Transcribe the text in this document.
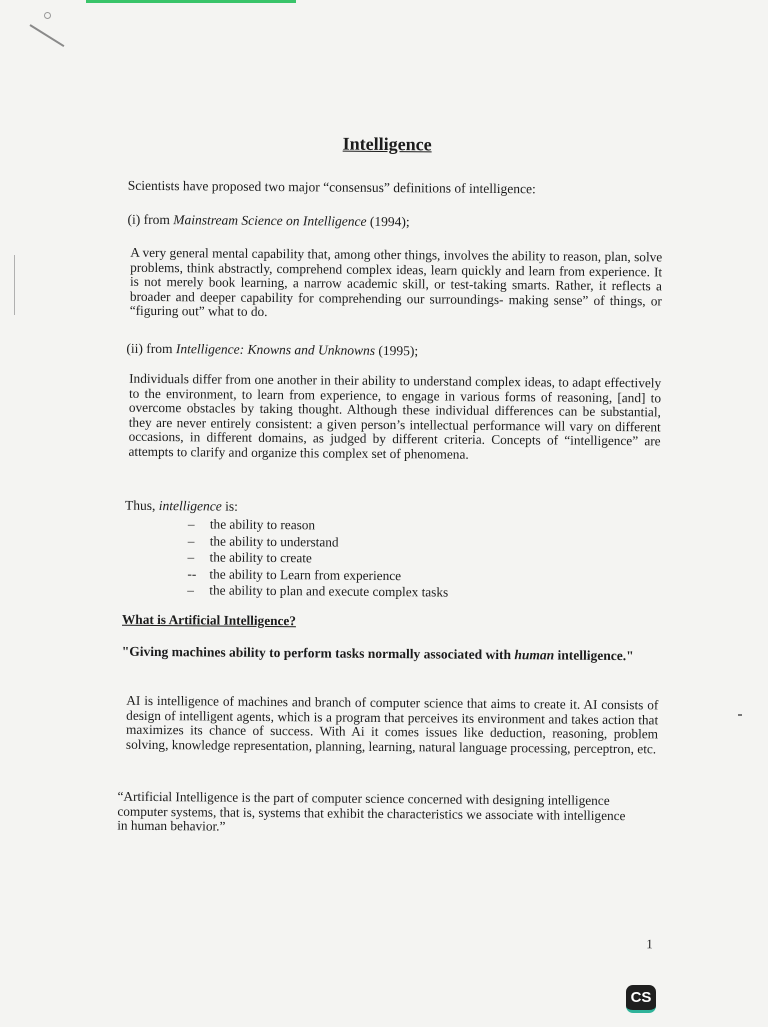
Intelligence

Scientists have proposed two major “consensus” definitions of intelligence:

(i) from Mainstream Science on Intelligence (1994);

A very general mental capability that, among other things, involves the ability to reason, plan, solve problems, think abstractly, comprehend complex ideas, learn quickly and learn from experience. It is not merely book learning, a narrow academic skill, or test-taking smarts. Rather, it reflects a broader and deeper capability for comprehending our surroundings- making sense” of things, or “figuring out” what to do.

(ii) from Intelligence: Knowns and Unknowns (1995);

Individuals differ from one another in their ability to understand complex ideas, to adapt effectively to the environment, to learn from experience, to engage in various forms of reasoning, [and] to overcome obstacles by taking thought. Although these individual differences can be substantial, they are never entirely consistent: a given person’s intellectual performance will vary on different occasions, in different domains, as judged by different criteria. Concepts of “intelligence” are attempts to clarify and organize this complex set of phenomena.

Thus, intelligence is:

– the ability to reason
– the ability to understand
– the ability to create
-- the ability to Learn from experience
– the ability to plan and execute complex tasks
What is Artificial Intelligence?

"Giving machines ability to perform tasks normally associated with human intelligence."

AI is intelligence of machines and branch of computer science that aims to create it. AI consists of design of intelligent agents, which is a program that perceives its environment and takes action that maximizes its chance of success. With Ai it comes issues like deduction, reasoning, problem solving, knowledge representation, planning, learning, natural language processing, perceptron, etc.

“Artificial Intelligence is the part of computer science concerned with designing intelligence computer systems, that is, systems that exhibit the characteristics we associate with intelligence in human behavior.”

1
CS
